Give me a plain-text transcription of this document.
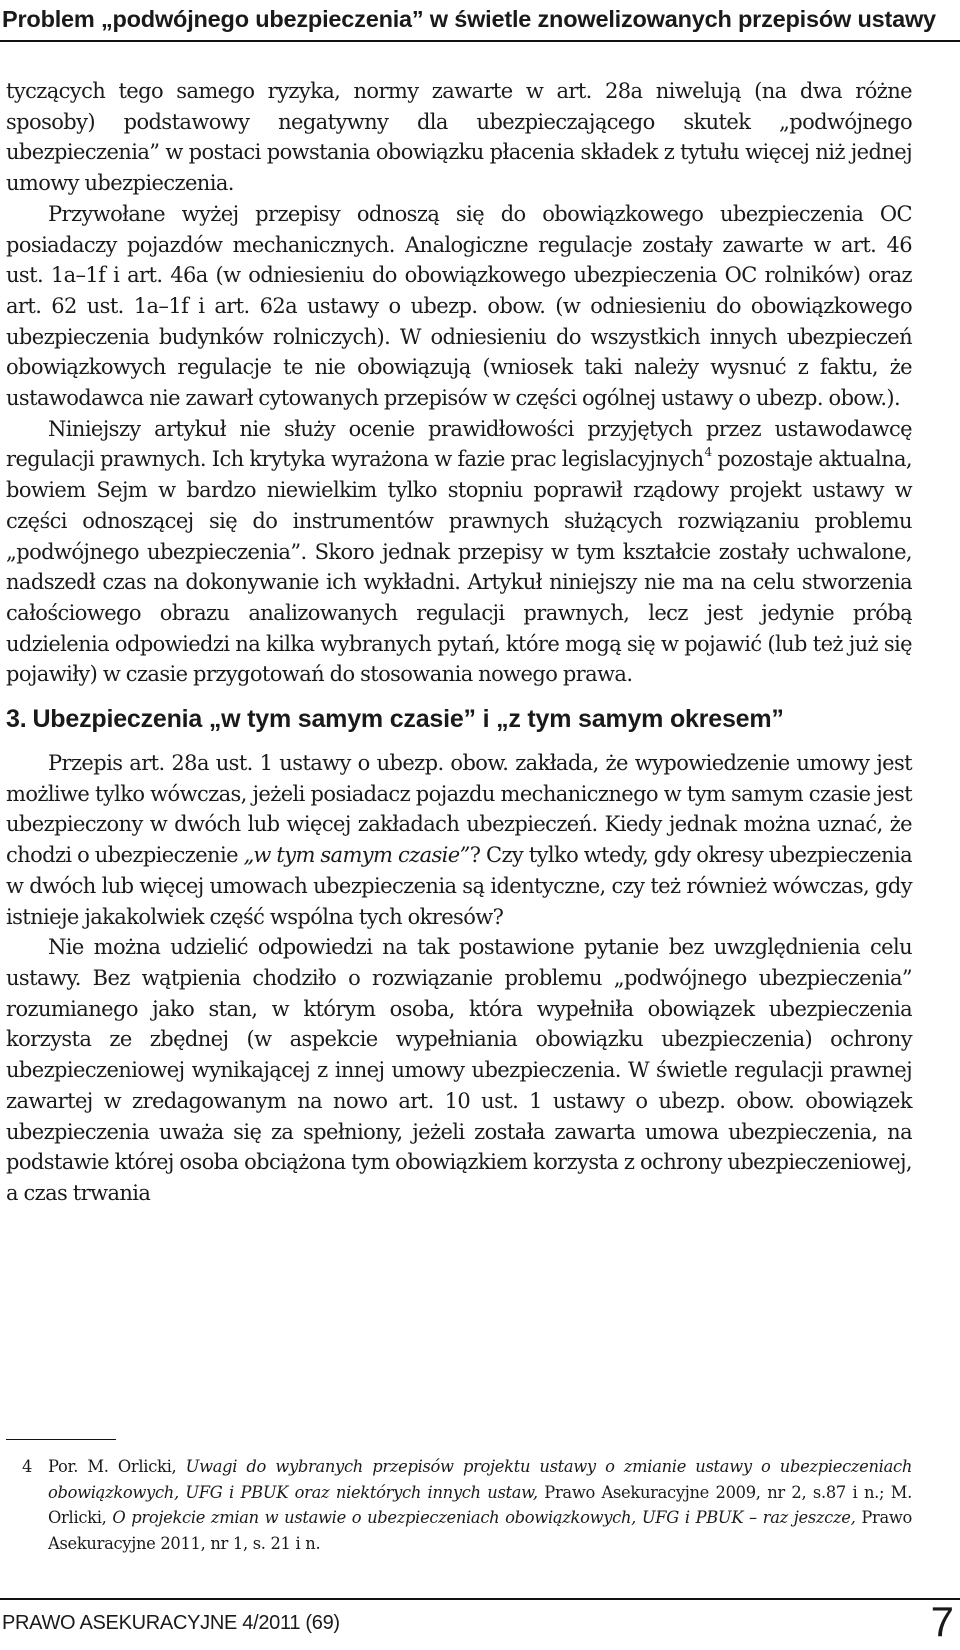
Problem „podwójnego ubezpieczenia” w świetle znowelizowanych przepisów ustawy

tyczących tego samego ryzyka, normy zawarte w art. 28a niwelują (na dwa różne sposoby) podstawowy negatywny dla ubezpieczającego skutek „podwójnego ubezpieczenia” w postaci powstania obowiązku płacenia składek z tytułu więcej niż jednej umowy ubezpieczenia.

Przywołane wyżej przepisy odnoszą się do obowiązkowego ubezpieczenia OC posiadaczy pojazdów mechanicznych. Analogiczne regulacje zostały zawarte w art. 46 ust. 1a–1f i art. 46a (w odniesieniu do obowiązkowego ubezpieczenia OC rolników) oraz art. 62 ust. 1a–1f i art. 62a ustawy o ubezp. obow. (w odniesieniu do obowiązkowego ubezpieczenia budynków rolniczych). W odniesieniu do wszystkich innych ubezpieczeń obowiązkowych regulacje te nie obowiązują (wniosek taki należy wysnuć z faktu, że ustawodawca nie zawarł cytowanych przepisów w części ogólnej ustawy o ubezp. obow.).

Niniejszy artykuł nie służy ocenie prawidłowości przyjętych przez ustawodawcę regulacji prawnych. Ich krytyka wyrażona w fazie prac legislacyjnych$^4$ pozostaje aktualna, bowiem Sejm w bardzo niewielkim tylko stopniu poprawił rządowy projekt ustawy w części odnoszącej się do instrumentów prawnych służących rozwiązaniu problemu „podwójnego ubezpieczenia”. Skoro jednak przepisy w tym kształcie zostały uchwalone, nadszedł czas na dokonywanie ich wykładni. Artykuł niniejszy nie ma na celu stworzenia całościowego obrazu analizowanych regulacji prawnych, lecz jest jedynie próbą udzielenia odpowiedzi na kilka wybranych pytań, które mogą się w pojawić (lub też już się pojawiły) w czasie przygotowań do stosowania nowego prawa.

3. Ubezpieczenia „w tym samym czasie” i „z tym samym okresem”

Przepis art. 28a ust. 1 ustawy o ubezp. obow. zakłada, że wypowiedzenie umowy jest możliwe tylko wówczas, jeżeli posiadacz pojazdu mechanicznego w tym samym czasie jest ubezpieczony w dwóch lub więcej zakładach ubezpieczeń. Kiedy jednak można uznać, że chodzi o ubezpieczenie „w tym samym czasie”? Czy tylko wtedy, gdy okresy ubezpieczenia w dwóch lub więcej umowach ubezpieczenia są identyczne, czy też również wówczas, gdy istnieje jakakolwiek część wspólna tych okresów?

Nie można udzielić odpowiedzi na tak postawione pytanie bez uwzględnienia celu ustawy. Bez wątpienia chodziło o rozwiązanie problemu „podwójnego ubezpieczenia” rozumianego jako stan, w którym osoba, która wypełniła obowiązek ubezpieczenia korzysta ze zbędnej (w aspekcie wypełniania obowiązku ubezpieczenia) ochrony ubezpieczeniowej wynikającej z innej umowy ubezpieczenia. W świetle regulacji prawnej zawartej w zredagowanym na nowo art. 10 ust. 1 ustawy o ubezp. obow. obowiązek ubezpieczenia uważa się za spełniony, jeżeli została zawarta umowa ubezpieczenia, na podstawie której osoba obciążona tym obowiązkiem korzysta z ochrony ubezpieczeniowej, a czas trwania

4 Por. M. Orlicki, Uwagi do wybranych przepisów projektu ustawy o zmianie ustawy o ubezpieczeniach obowiązkowych, UFG i PBUK oraz niektórych innych ustaw, Prawo Asekuracyjne 2009, nr 2, s.87 i n.; M. Orlicki, O projekcie zmian w ustawie o ubezpieczeniach obowiązkowych, UFG i PBUK – raz jeszcze, Prawo Asekuracyjne 2011, nr 1, s. 21 i n.
PRAWO ASEKURACYJNE 4/2011 (69)	7
